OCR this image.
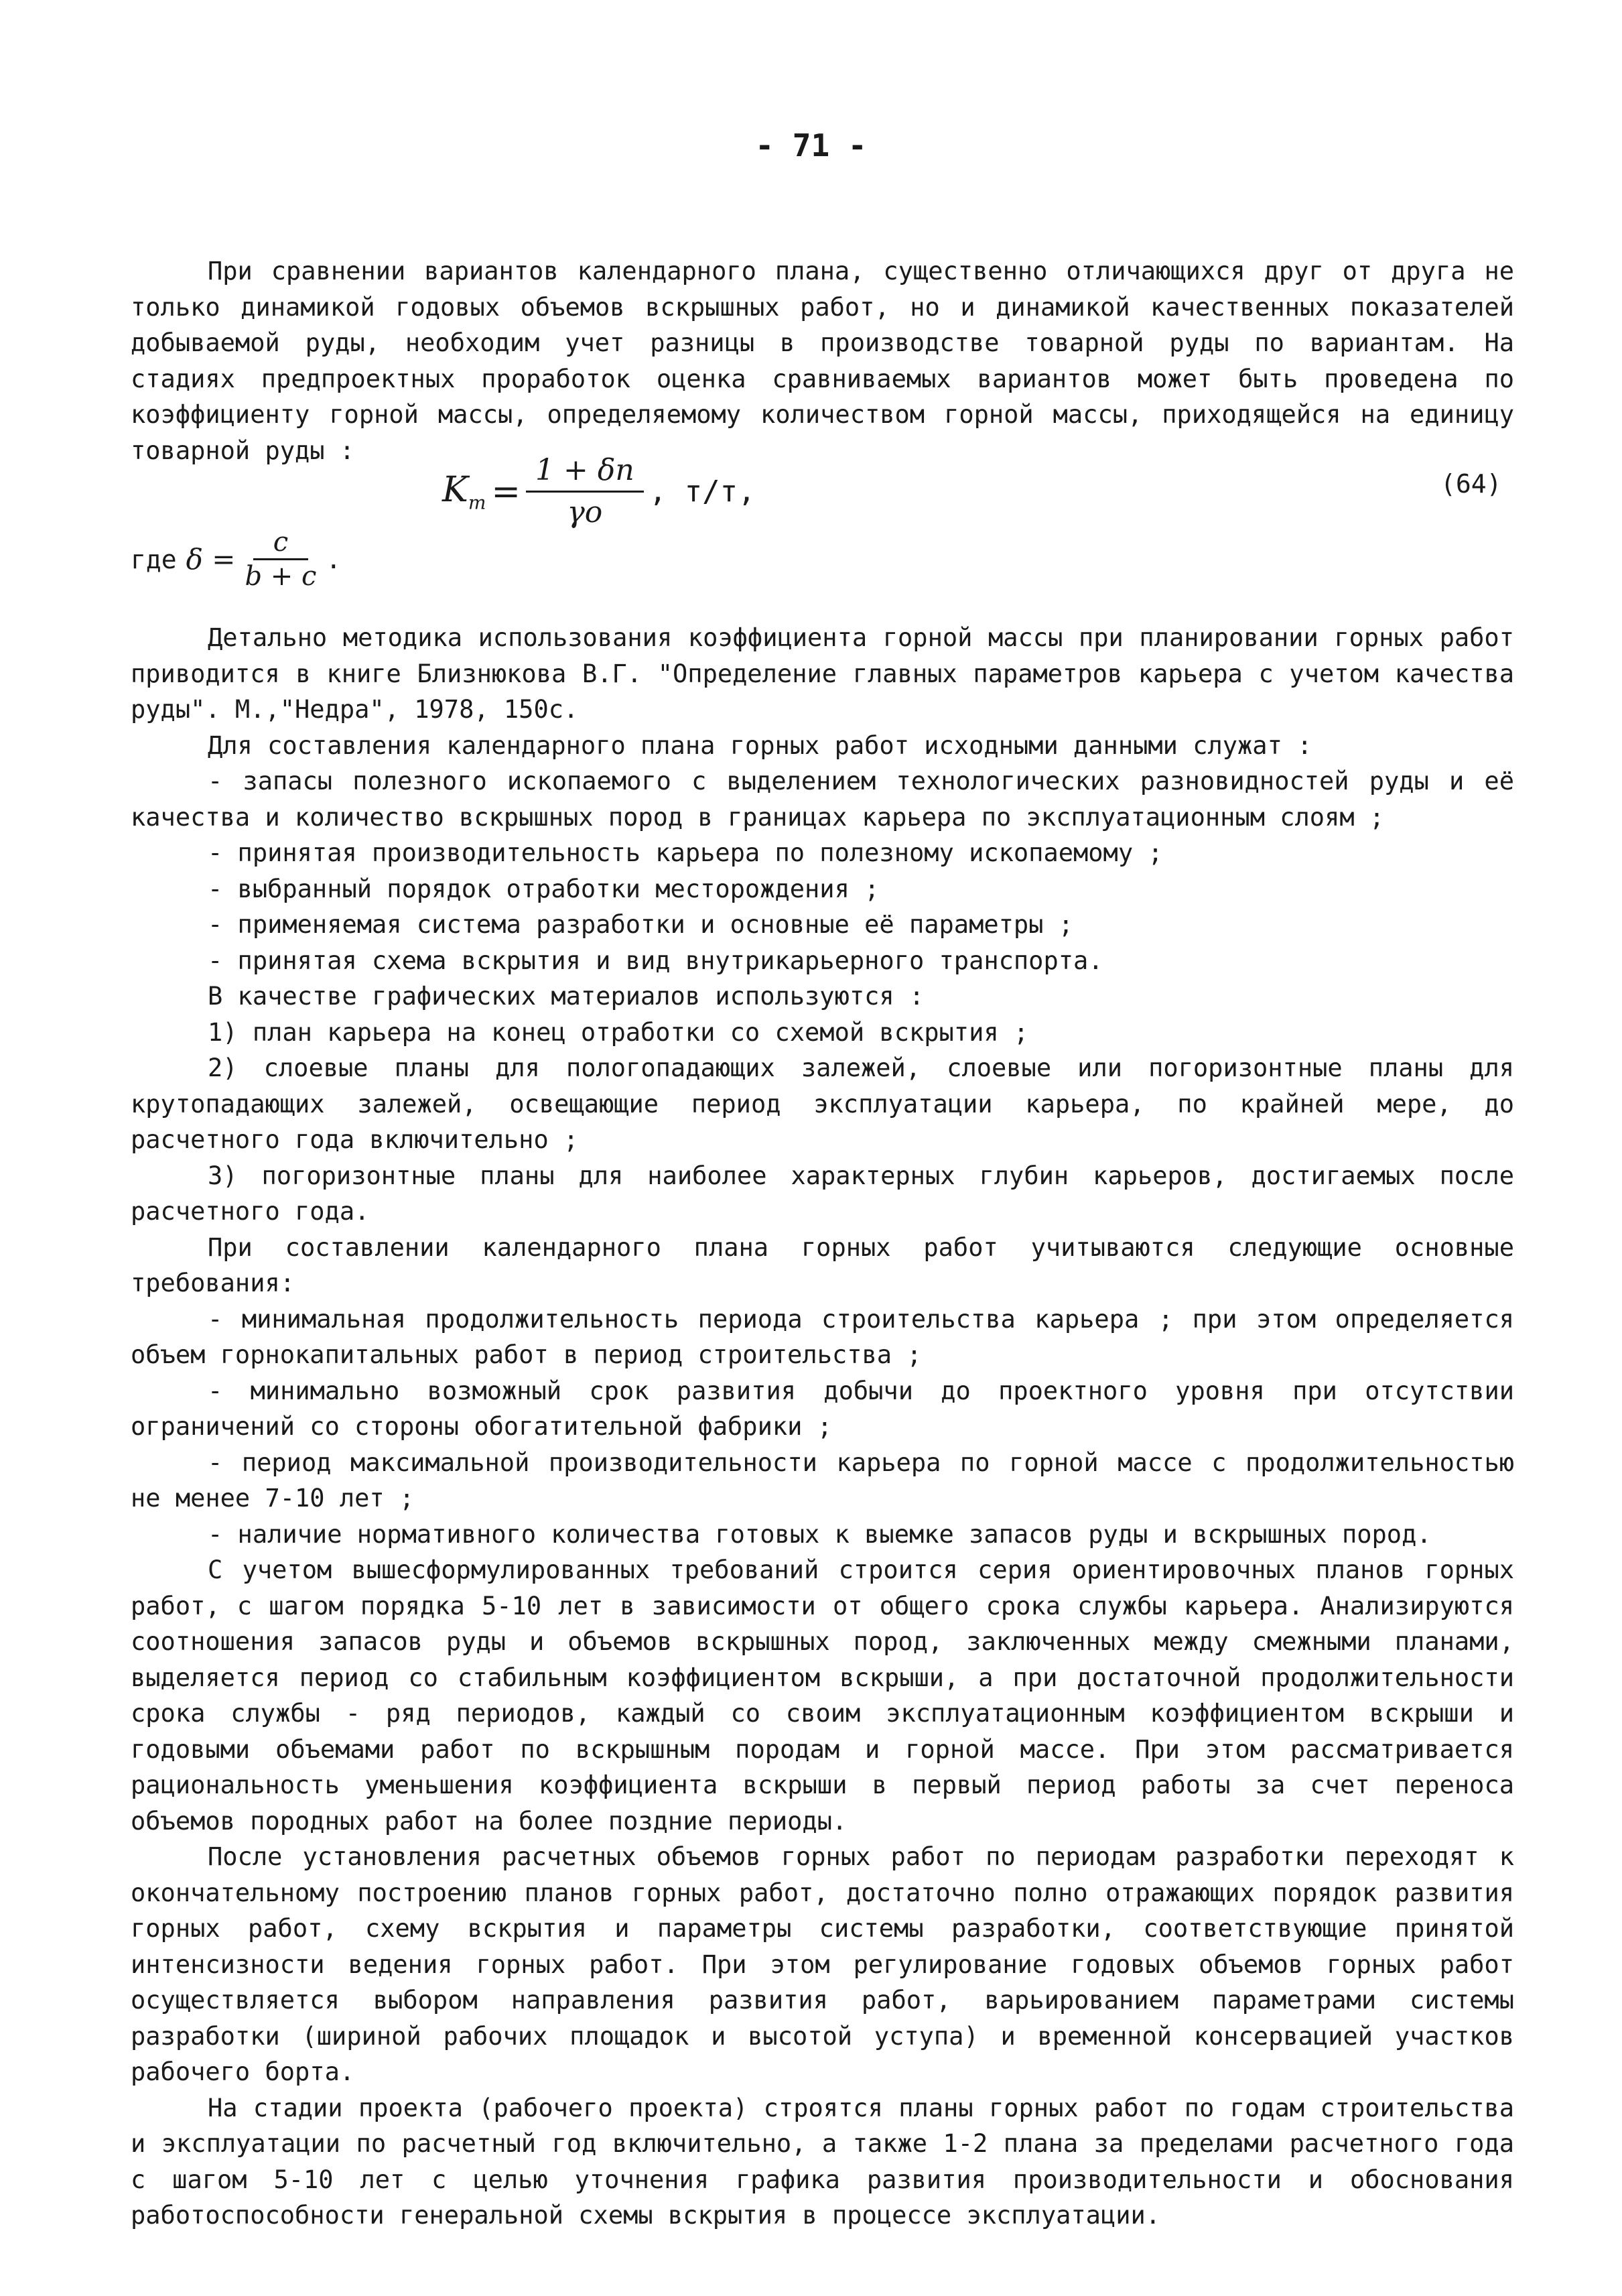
- 71 -

При сравнении вариантов календарного плана, существенно отличающихся друг от друга не только динамикой годовых объемов вскрышных работ, но и динамикой качественных показателей добываемой руды, необходим учет разницы в производстве товарной руды по вариантам. На стадиях предпроектных проработок оценка сравниваемых вариантов может быть проведена по коэффициенту горной массы, определяемому количеством горной массы, приходящейся на единицу товарной руды :

$K_m = \frac{1 + \delta п}{\gamma о}$ , т/т,	(64)
где $\delta = \frac{c}{b + c}$ .

Детально методика использования коэффициента горной массы при планировании горных работ приводится в книге Близнюкова В.Г. "Определение главных параметров карьера с учетом качества руды". М.,"Недра", 1978, 150с.

Для составления календарного плана горных работ исходными данными служат :

- запасы полезного ископаемого с выделением технологических разновидностей руды и её качества и количество вскрышных пород в границах карьера по эксплуатационным слоям ;

- принятая производительность карьера по полезному ископаемому ;

- выбранный порядок отработки месторождения ;

- применяемая система разработки и основные её параметры ;

- принятая схема вскрытия и вид внутрикарьерного транспорта.

В качестве графических материалов используются :

1) план карьера на конец отработки со схемой вскрытия ;

2) слоевые планы для пологопадающих залежей, слоевые или погоризонтные планы для крутопадающих залежей, освещающие период эксплуатации карьера, по крайней мере, до расчетного года включительно ;

3) погоризонтные планы для наиболее характерных глубин карьеров, достигаемых после расчетного года.

При составлении календарного плана горных работ учитываются следующие основные требования:

- минимальная продолжительность периода строительства карьера ; при этом определяется объем горнокапитальных работ в период строительства ;

- минимально возможный срок развития добычи до проектного уровня при отсутствии ограничений со стороны обогатительной фабрики ;

- период максимальной производительности карьера по горной массе с продолжительностью не менее 7-10 лет ;

- наличие нормативного количества готовых к выемке запасов руды и вскрышных пород.

С учетом вышесформулированных требований строится серия ориентировочных планов горных работ, с шагом порядка 5-10 лет в зависимости от общего срока службы карьера. Анализируются соотношения запасов руды и объемов вскрышных пород, заключенных между смежными планами, выделяется период со стабильным коэффициентом вскрыши, а при достаточной продолжительности срока службы - ряд периодов, каждый со своим эксплуатационным коэффициентом вскрыши и годовыми объемами работ по вскрышным породам и горной массе. При этом рассматривается рациональность уменьшения коэффициента вскрыши в первый период работы за счет переноса объемов породных работ на более поздние периоды.

После установления расчетных объемов горных работ по периодам разработки переходят к окончательному построению планов горных работ, достаточно полно отражающих порядок развития горных работ, схему вскрытия и параметры системы разработки, соответствующие принятой интенсизности ведения горных работ. При этом регулирование годовых объемов горных работ осуществляется выбором направления развития работ, варьированием параметрами системы разработки (шириной рабочих площадок и высотой уступа) и временной консервацией участков рабочего борта.

На стадии проекта (рабочего проекта) строятся планы горных работ по годам строительства и эксплуатации по расчетный год включительно, а также 1-2 плана за пределами расчетного года с шагом 5-10 лет с целью уточнения графика развития производительности и обоснования работоспособности генеральной схемы вскрытия в процессе эксплуатации.
